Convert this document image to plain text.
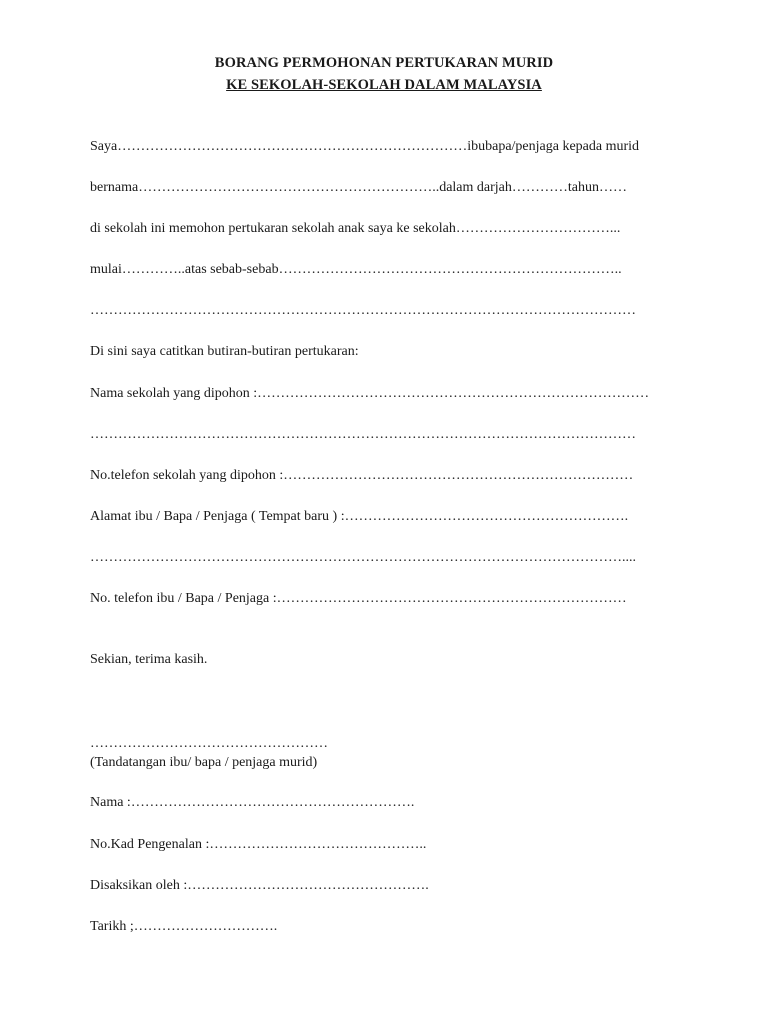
BORANG PERMOHONAN PERTUKARAN MURID
KE SEKOLAH-SEKOLAH DALAM MALAYSIA
Saya…………………………………………………………………ibubapa/penjaga kepada murid
bernama………………………………………………………..dalam darjah…………tahun……
di sekolah ini memohon pertukaran sekolah anak saya ke sekolah……………………………...
mulai…………..atas sebab-sebab………………………………………………………………..
………………………………………………………………………………………………………
Di sini saya catitkan butiran-butiran pertukaran:
Nama sekolah yang dipohon :…………………………………………………………………………
………………………………………………………………………………………………………
No.telefon sekolah yang dipohon :…………………………………………………………………
Alamat ibu / Bapa / Penjaga ( Tempat baru ) :…………………………………………………….
……………………………………………………………………………………………………....
No. telefon ibu / Bapa / Penjaga :…………………………………………………………………
Sekian, terima kasih.
……………………………………………
(Tandatangan ibu/ bapa / penjaga murid)
Nama :…………………………………………………….
No.Kad Pengenalan :………………………………………..
Disaksikan oleh :…………………………………………….
Tarikh ;………………………….
